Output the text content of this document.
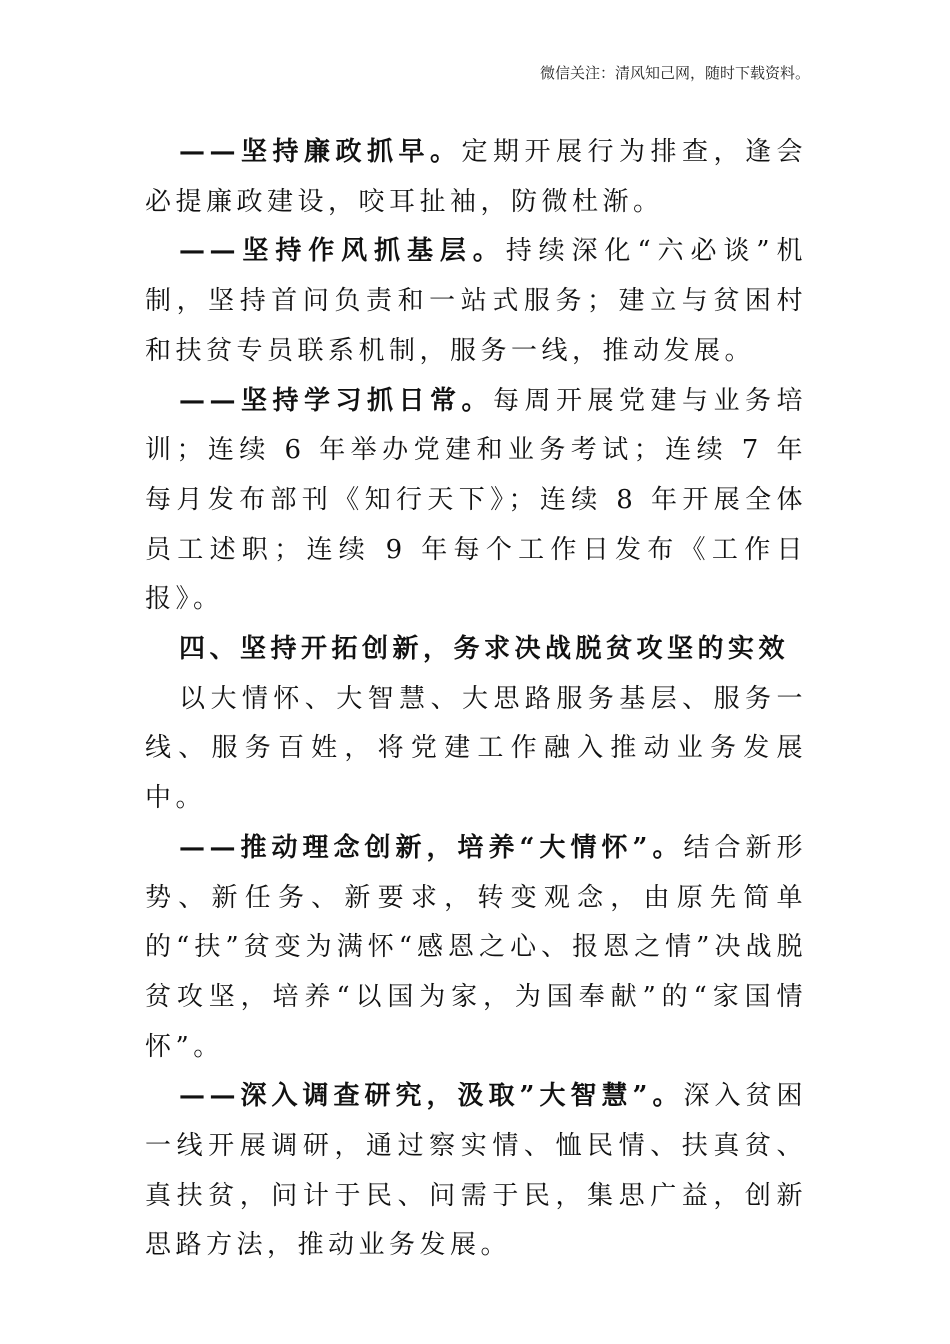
微信关注：清风知己网，随时下载资料。

——坚持廉政抓早。定期开展行为排查，逢会必提廉政建设，咬耳扯袖，防微杜渐。

——坚持作风抓基层。持续深化“六必谈”机制，坚持首问负责和一站式服务；建立与贫困村和扶贫专员联系机制，服务一线，推动发展。

——坚持学习抓日常。每周开展党建与业务培训；连续 6 年举办党建和业务考试；连续 7 年每月发布部刊《知行天下》；连续 8 年开展全体员工述职；连续 9 年每个工作日发布《工作日报》。

四、坚持开拓创新，务求决战脱贫攻坚的实效

以大情怀、大智慧、大思路服务基层、服务一线、服务百姓，将党建工作融入推动业务发展中。

——推动理念创新，培养“大情怀”。结合新形势、新任务、新要求，转变观念，由原先简单的“扶”贫变为满怀“感恩之心、报恩之情”决战脱贫攻坚，培养“以国为家，为国奉献”的“家国情怀”。

——深入调查研究，汲取”大智慧”。深入贫困一线开展调研，通过察实情、恤民情、扶真贫、真扶贫，问计于民、问需于民，集思广益，创新思路方法，推动业务发展。
